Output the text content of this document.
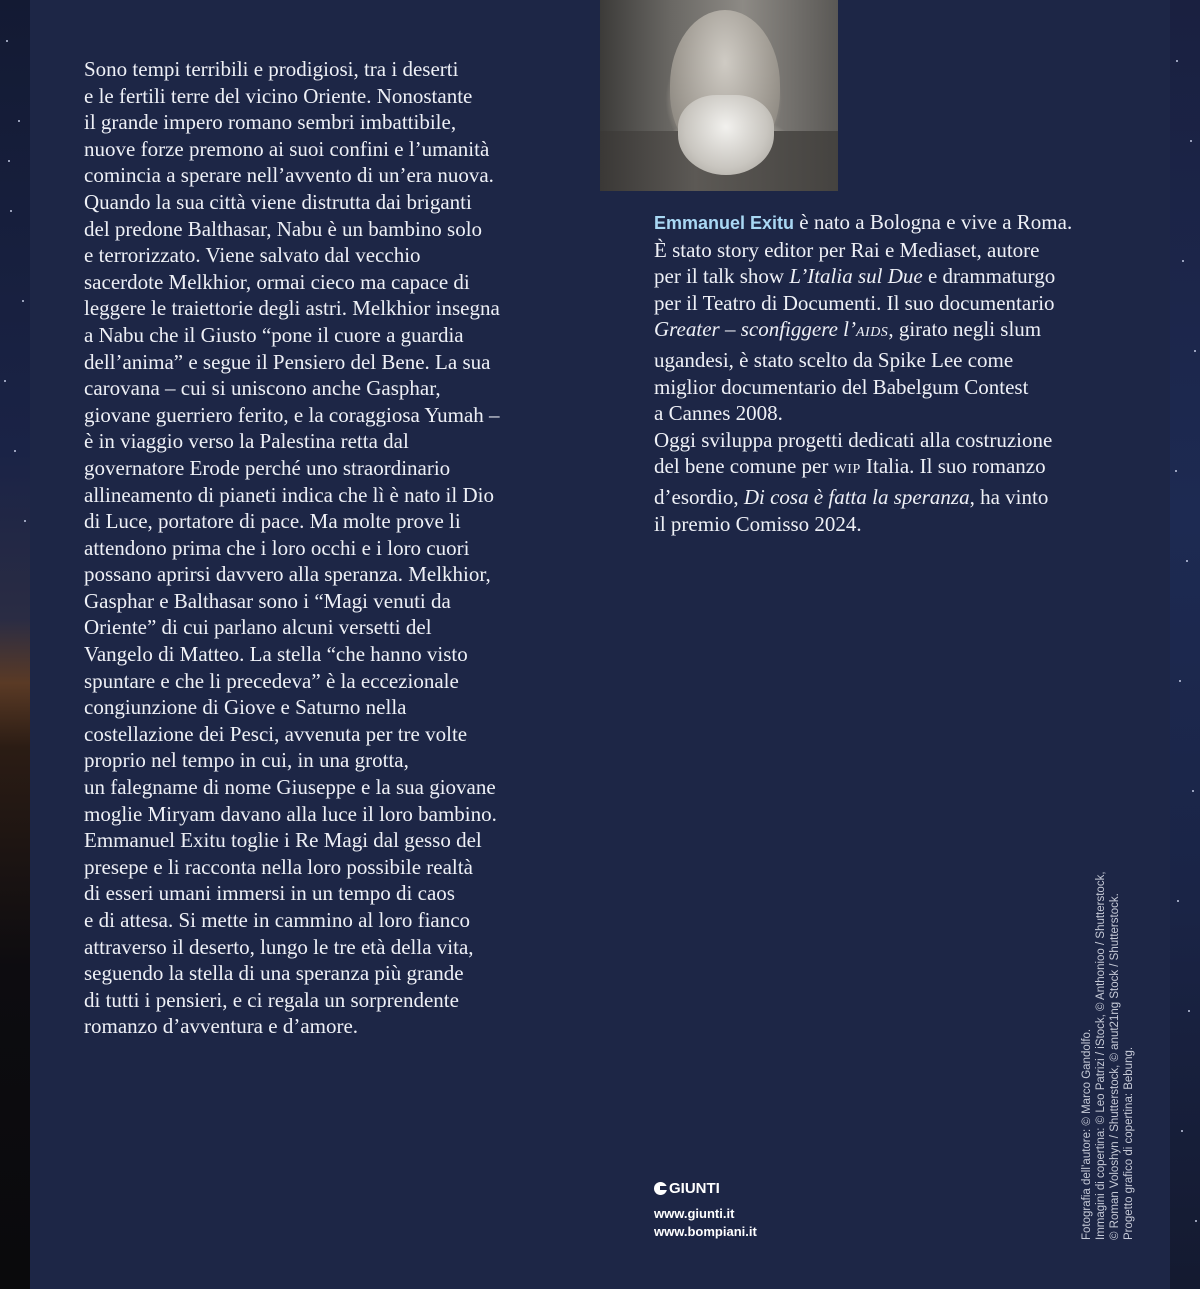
Sono tempi terribili e prodigiosi, tra i deserti
e le fertili terre del vicino Oriente. Nonostante
il grande impero romano sembri imbattibile,
nuove forze premono ai suoi confini e l’umanità
comincia a sperare nell’avvento di un’era nuova.
Quando la sua città viene distrutta dai briganti
del predone Balthasar, Nabu è un bambino solo
e terrorizzato. Viene salvato dal vecchio
sacerdote Melkhior, ormai cieco ma capace di
leggere le traiettorie degli astri. Melkhior insegna
a Nabu che il Giusto “pone il cuore a guardia
dell’anima” e segue il Pensiero del Bene. La sua
carovana – cui si uniscono anche Gasphar,
giovane guerriero ferito, e la coraggiosa Yumah –
è in viaggio verso la Palestina retta dal
governatore Erode perché uno straordinario
allineamento di pianeti indica che lì è nato il Dio
di Luce, portatore di pace. Ma molte prove li
attendono prima che i loro occhi e i loro cuori
possano aprirsi davvero alla speranza. Melkhior,
Gasphar e Balthasar sono i “Magi venuti da
Oriente” di cui parlano alcuni versetti del
Vangelo di Matteo. La stella “che hanno visto
spuntare e che li precedeva” è la eccezionale
congiunzione di Giove e Saturno nella
costellazione dei Pesci, avvenuta per tre volte
proprio nel tempo in cui, in una grotta,
un falegname di nome Giuseppe e la sua giovane
moglie Miryam davano alla luce il loro bambino.
Emmanuel Exitu toglie i Re Magi dal gesso del
presepe e li racconta nella loro possibile realtà
di esseri umani immersi in un tempo di caos
e di attesa. Si mette in cammino al loro fianco
attraverso il deserto, lungo le tre età della vita,
seguendo la stella di una speranza più grande
di tutti i pensieri, e ci regala un sorprendente
romanzo d’avventura e d’amore.
Emmanuel Exitu è nato a Bologna e vive a Roma.
È stato story editor per Rai e Mediaset, autore
per il talk show L’Italia sul Due e drammaturgo
per il Teatro di Documenti. Il suo documentario
Greater – sconfiggere l’AIDS, girato negli slum
ugandesi, è stato scelto da Spike Lee come
miglior documentario del Babelgum Contest
a Cannes 2008.
Oggi sviluppa progetti dedicati alla costruzione
del bene comune per WIP Italia. Il suo romanzo
d’esordio, Di cosa è fatta la speranza, ha vinto
il premio Comisso 2024.
GIUNTI
www.giunti.it
www.bompiani.it	Fotografia dell’autore: © Marco Gandolfo. Immagini di copertina: © Leo Patrizi / iStock, © Anthonioo / Shutterstock, © Roman Voloshyn / Shutterstock, © anut21ng Stock / Shutterstock. Progetto grafico di copertina: Bebung.
